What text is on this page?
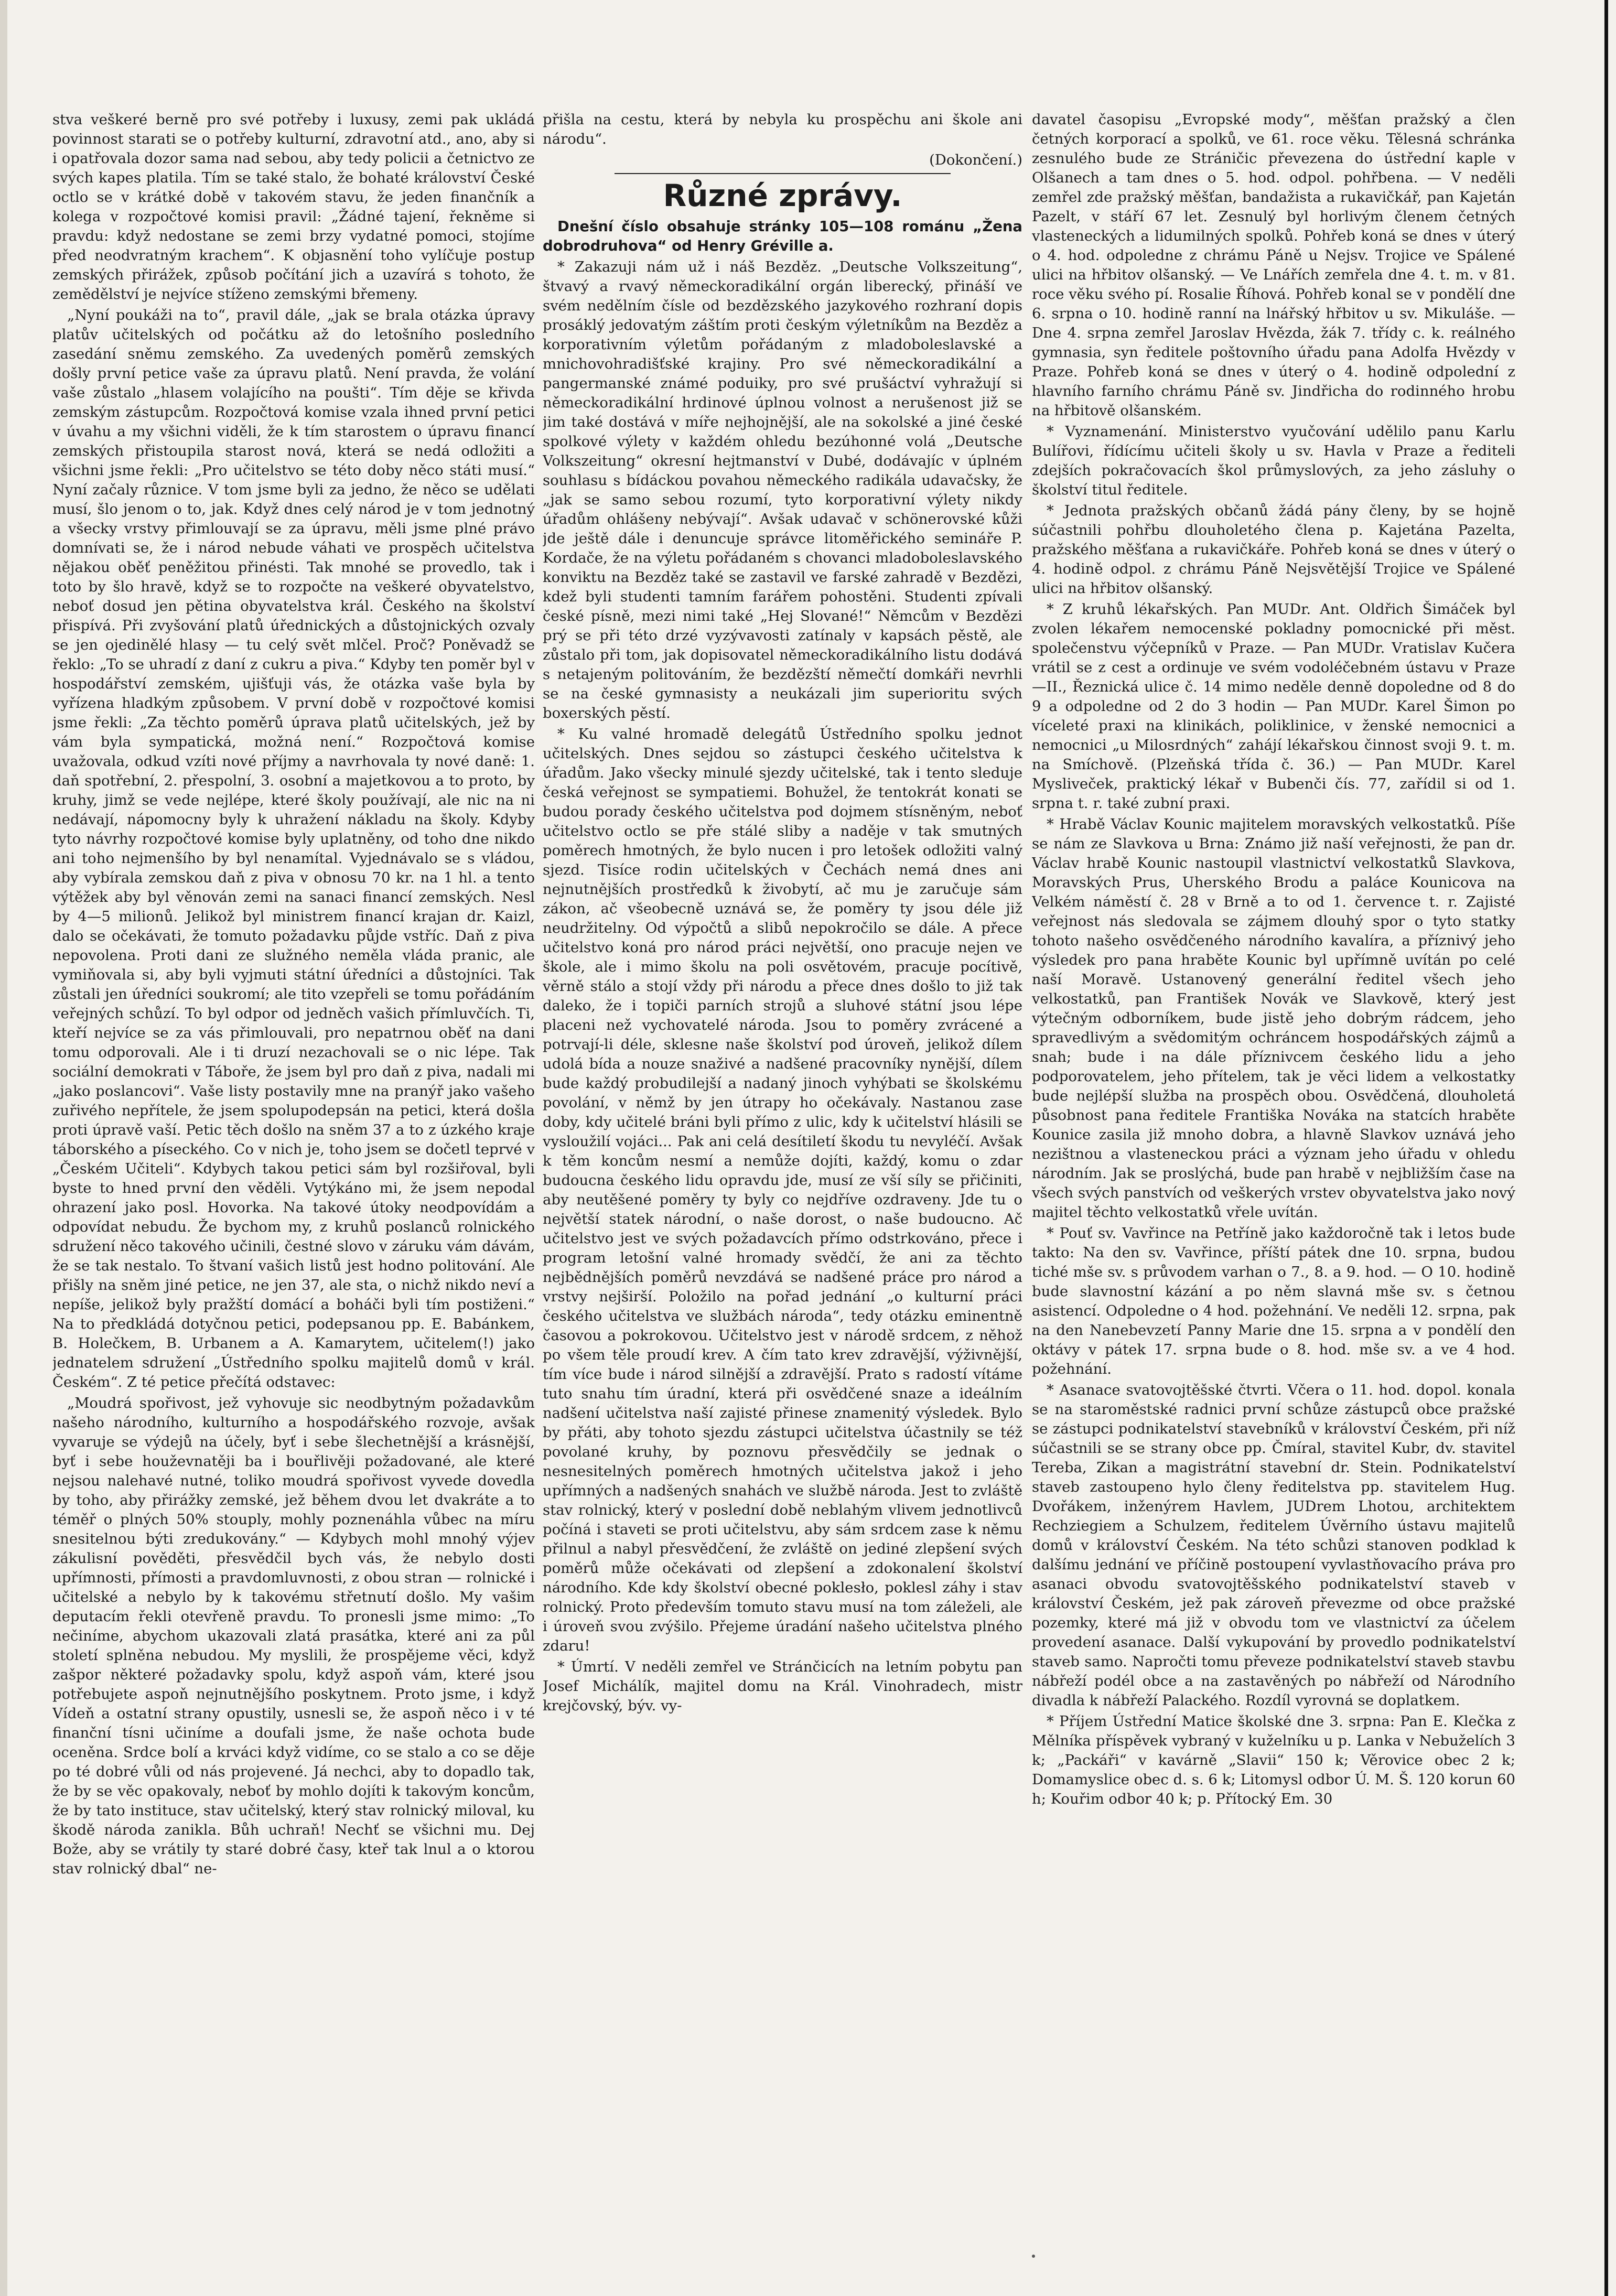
stva veškeré berně pro své potřeby i luxusy, zemi pak ukládá povinnost starati se o potřeby kulturní, zdravotní atd., ano, aby si i opatřovala dozor sama nad sebou, aby tedy policii a četnictvo ze svých kapes platila. Tím se také stalo, že bohaté království České octlo se v krátké době v takovém stavu, že jeden finančník a kolega v rozpočtové komisi pravil: „Žádné tajení, řekněme si pravdu: když nedostane se zemi brzy vydatné pomoci, stojíme před neodvratným krachem“. K objasnění toho vylíčuje postup zemských přirážek, způsob počítání jich a uzavírá s tohoto, že zemědělství je nejvíce stíženo zemskými břemeny.

„Nyní poukáži na to“, pravil dále, „jak se brala otázka úpravy platův učitelských od počátku až do letošního posledního zasedání sněmu zemského. Za uvedených poměrů zemských došly první petice vaše za úpravu platů. Není pravda, že volání vaše zůstalo „hlasem volajícího na poušti“. Tím děje se křivda zemským zástupcům. Rozpočtová komise vzala ihned první petici v úvahu a my všichni viděli, že k tím starostem o úpravu financí zemských přistoupila starost nová, která se nedá odložiti a všichni jsme řekli: „Pro učitelstvo se této doby něco státi musí.“ Nyní začaly různice. V tom jsme byli za jedno, že něco se udělati musí, šlo jenom o to, jak. Když dnes celý národ je v tom jednotný a všecky vrstvy přimlouvají se za úpravu, měli jsme plné právo domnívati se, že i národ nebude váhati ve prospěch učitelstva nějakou oběť peněžitou přinésti. Tak mnohé se provedlo, tak i toto by šlo hravě, když se to rozpočte na veškeré obyvatelstvo, neboť dosud jen pětina obyvatelstva král. Českého na školství přispívá. Při zvyšování platů úřednických a důstojnických ozvaly se jen ojedinělé hlasy — tu celý svět mlčel. Proč? Poněvadž se řeklo: „To se uhradí z daní z cukru a piva.“ Kdyby ten poměr byl v hospodářství zemském, ujišťuji vás, že otázka vaše byla by vyřízena hladkým způsobem. V první době v rozpočtové komisi jsme řekli: „Za těchto poměrů úprava platů učitelských, jež by vám byla sympatická, možná není.“ Rozpočtová komise uvažovala, odkud vzíti nové příjmy a navrhovala ty nové daně: 1. daň spotřební, 2. přespolní, 3. osobní a majetkovou a to proto, by kruhy, jimž se vede nejlépe, které školy používají, ale nic na ni nedávají, nápomocny byly k uhražení nákladu na školy. Kdyby tyto návrhy rozpočtové komise byly uplatněny, od toho dne nikdo ani toho nejmenšího by byl nenamítal. Vyjednávalo se s vládou, aby vybírala zemskou daň z piva v obnosu 70 kr. na 1 hl. a tento výtěžek aby byl věnován zemi na sanaci financí zemských. Nesl by 4—5 milionů. Jelikož byl ministrem financí krajan dr. Kaizl, dalo se očekávati, že tomuto požadavku půjde vstříc. Daň z piva nepovolena. Proti dani ze služného neměla vláda pranic, ale vymiňovala si, aby byli vyjmuti státní úředníci a důstojníci. Tak zůstali jen úředníci soukromí; ale tito vzepřeli se tomu pořádáním veřejných schůzí. To byl odpor od jedněch vašich přímluvčích. Ti, kteří nejvíce se za vás přimlouvali, pro nepatrnou oběť na dani tomu odporovali. Ale i ti druzí nezachovali se o nic lépe. Tak sociální demokrati v Táboře, že jsem byl pro daň z piva, nadali mi „jako poslancovi“. Vaše listy postavily mne na pranýř jako vašeho zuřivého nepřítele, že jsem spolupodepsán na petici, která došla proti úpravě vaší. Petic těch došlo na sněm 37 a to z úzkého kraje táborského a píseckého. Co v nich je, toho jsem se dočetl teprvé v „Českém Učiteli“. Kdybych takou petici sám byl rozšiřoval, byli byste to hned první den věděli. Vytýkáno mi, že jsem nepodal ohrazení jako posl. Hovorka. Na takové útoky neodpovídám a odpovídat nebudu. Že bychom my, z kruhů poslanců rolnického sdružení něco takového učinili, čestné slovo v záruku vám dávám, že se tak nestalo. To štvaní vašich listů jest hodno politování. Ale přišly na sněm jiné petice, ne jen 37, ale sta, o nichž nikdo neví a nepíše, jelikož byly pražští domácí a boháči byli tím postiženi.“ Na to předkládá dotyčnou petici, podepsanou pp. E. Babánkem, B. Holečkem, B. Urbanem a A. Kamarytem, učitelem(!) jako jednatelem sdružení „Ústředního spolku majitelů domů v král. Českém“. Z té petice přečítá odstavec:

„Moudrá spořivost, jež vyhovuje sic neodbytným požadavkům našeho národního, kulturního a hospodářského rozvoje, avšak vyvaruje se výdejů na účely, byť i sebe šlechetnější a krásnější, byť i sebe houževnatěji ba i bouřlivěji požadované, ale které nejsou nalehavé nutné, toliko moudrá spořivost vyvede dovedla by toho, aby přirážky zemské, jež během dvou let dvakráte a to téměř o plných 50% stouply, mohly poznenáhla vůbec na míru snesitelnou býti zredukovány.“ — Kdybych mohl mnohý výjev zákulisní pověděti, přesvědčil bych vás, že nebylo dosti upřímnosti, přímosti a pravdomluvnosti, z obou stran — rolnické i učitelské a nebylo by k takovému střetnutí došlo. My vašim deputacím řekli otevřeně pravdu. To pronesli jsme mimo: „To nečiníme, abychom ukazovali zlatá prasátka, které ani za půl století splněna nebudou. My myslili, že prospějeme věci, když zašpor některé požadavky spolu, když aspoň vám, které jsou potřebujete aspoň nejnutnějšího poskytnem. Proto jsme, i když Vídeň a ostatní strany opustily, usnesli se, že aspoň něco i v té finanční tísni učiníme a doufali jsme, že naše ochota bude oceněna. Srdce bolí a krváci když vidíme, co se stalo a co se děje po té dobré vůli od nás projevené. Já nechci, aby to dopadlo tak, že by se věc opakovaly, neboť by mohlo dojíti k takovým koncům, že by tato instituce, stav učitelský, který stav rolnický miloval, ku škodě národa zanikla. Bůh uchraň! Nechť se všichni mu. Dej Bože, aby se vrátily ty staré dobré časy, kteř tak lnul a o ktorou stav rolnický dbal“ ne-

přišla na cestu, která by nebyla ku prospěchu ani škole ani národu“.

(Dokončení.)

Různé zprávy.

Dnešní číslo obsahuje stránky 105—108 románu „Žena dobrodruhova“ od Henry Gréville a.

* Zakazuji nám už i náš Bezděz. „Deutsche Volkszeitung“, štvavý a rvavý německoradikální orgán liberecký, přináší ve svém nedělním čísle od bezdězského jazykového rozhraní dopis prosáklý jedovatým záštím proti českým výletníkům na Bezděz a korporativním výletům pořádaným z mladoboleslavské a mnichovohradišťské krajiny. Pro své německoradikální a pangermanské známé poduiky, pro své prušáctví vyhražují si německoradikální hrdinové úplnou volnost a nerušenost již se jim také dostává v míře nejhojnější, ale na sokolské a jiné české spolkové výlety v každém ohledu bezúhonné volá „Deutsche Volkszeitung“ okresní hejtmanství v Dubé, dodávajíc v úplném souhlasu s bídáckou povahou německého radikála udavačsky, že „jak se samo sebou rozumí, tyto korporativní výlety nikdy úřadům ohlášeny nebývají“. Avšak udavač v schönerovské kůži jde ještě dále i denuncuje správce litoměřického semináře P. Kordače, že na výletu pořádaném s chovanci mladoboleslavského konviktu na Bezděz také se zastavil ve farské zahradě v Bezdězi, kdež byli studenti tamním farářem pohostěni. Studenti zpívali české písně, mezi nimi také „Hej Slované!“ Němcům v Bezdězi prý se při této drzé vyzývavosti zatínaly v kapsách pěstě, ale zůstalo při tom, jak dopisovatel německoradikálního listu dodává s netajeným politováním, že bezdězští němečtí domkáři nevrhli se na české gymnasisty a neukázali jim superioritu svých boxerských pěstí.

* Ku valné hromadě delegátů Ústředního spolku jednot učitelských. Dnes sejdou so zástupci českého učitelstva k úřadům. Jako všecky minulé sjezdy učitelské, tak i tento sleduje česká veřejnost se sympatiemi. Bohužel, že tentokrát konati se budou porady českého učitelstva pod dojmem stísněným, neboť učitelstvo octlo se pře stálé sliby a naděje v tak smutných poměrech hmotných, že bylo nucen i pro letošek odložiti valný sjezd. Tisíce rodin učitelských v Čechách nemá dnes ani nejnutnějších prostředků k živobytí, ač mu je zaručuje sám zákon, ač všeobecně uznává se, že poměry ty jsou déle již neudržitelny. Od výpočtů a slibů nepokročilo se dále. A přece učitelstvo koná pro národ práci největší, ono pracuje nejen ve škole, ale i mimo školu na poli osvětovém, pracuje pocítivě, věrně stálo a stojí vždy při národu a přece dnes došlo to již tak daleko, že i topiči parních strojů a sluhové státní jsou lépe placeni než vychovatelé národa. Jsou to poměry zvrácené a potrvají-li déle, sklesne naše školství pod úroveň, jelikož dílem udolá bída a nouze snaživé a nadšené pracovníky nynější, dílem bude každý probudilejší a nadaný jinoch vyhýbati se školskému povolání, v němž by jen útrapy ho očekávaly. Nastanou zase doby, kdy učitelé bráni byli přímo z ulic, kdy k učitelství hlásili se vysloužilí vojáci... Pak ani celá desítiletí škodu tu nevyléčí. Avšak k těm koncům nesmí a nemůže dojíti, každý, komu o zdar budoucna českého lidu opravdu jde, musí ze vší síly se přičiniti, aby neutěšené poměry ty byly co nejdříve ozdraveny. Jde tu o největší statek národní, o naše dorost, o naše budoucno. Ač učitelstvo jest ve svých požadavcích přímo odstrkováno, přece i program letošní valné hromady svědčí, že ani za těchto nejbědnějších poměrů nevzdává se nadšené práce pro národ a vrstvy nejširší. Položilo na pořad jednání „o kulturní práci českého učitelstva ve službách národa“, tedy otázku eminentně časovou a pokrokovou. Učitelstvo jest v národě srdcem, z něhož po všem těle proudí krev. A čím tato krev zdravější, výživnější, tím více bude i národ silnější a zdravější. Prato s radostí vítáme tuto snahu tím úradní, která při osvědčené snaze a ideálním nadšení učitelstva naší zajisté přinese znamenitý výsledek. Bylo by přáti, aby tohoto sjezdu zástupci učitelstva účastnily se též povolané kruhy, by poznovu přesvědčily se jednak o nesnesitelných poměrech hmotných učitelstva jakož i jeho upřímných a nadšených snahách ve službě národa. Jest to zvláště stav rolnický, který v poslední době neblahým vlivem jednotlivců počíná i staveti se proti učitelstvu, aby sám srdcem zase k němu přilnul a nabyl přesvědčení, že zvláště on jediné zlepšení svých poměrů může očekávati od zlepšení a zdokonalení školství národního. Kde kdy školství obecné poklesło, poklesl záhy i stav rolnický. Proto především tomuto stavu musí na tom záleželi, ale i úroveň svou zvýšilo. Přejeme úradání našeho učitelstva plného zdaru!

* Úmrtí. V neděli zemřel ve Stránčicích na letním pobytu pan Josef Michálík, majitel domu na Král. Vinohradech, mistr krejčovský, býv. vy-

davatel časopisu „Evropské mody“, měšťan pražský a člen četných korporací a spolků, ve 61. roce věku. Tělesná schránka zesnulého bude ze Stráničic převezena do ústřední kaple v Olšanech a tam dnes o 5. hod. odpol. pohřbena. — V neděli zemřel zde pražský měšťan, bandažista a rukavičkář, pan Kajetán Pazelt, v stáří 67 let. Zesnulý byl horlivým členem četných vlasteneckých a lidumilných spolků. Pohřeb koná se dnes v úterý o 4. hod. odpoledne z chrámu Páně u Nejsv. Trojice ve Spálené ulici na hřbitov olšanský. — Ve Lnářích zemřela dne 4. t. m. v 81. roce věku svého pí. Rosalie Říhová. Pohřeb konal se v pondělí dne 6. srpna o 10. hodině ranní na lnářský hřbitov u sv. Mikuláše. — Dne 4. srpna zemřel Jaroslav Hvězda, žák 7. třídy c. k. reálného gymnasia, syn ředitele poštovního úřadu pana Adolfa Hvězdy v Praze. Pohřeb koná se dnes v úterý o 4. hodině odpolední z hlavního farního chrámu Páně sv. Jindřicha do rodinného hrobu na hřbitově olšanském.

* Vyznamenání. Ministerstvo vyučování udělilo panu Karlu Bulířovi, řídícímu učiteli školy u sv. Havla v Praze a řediteli zdejších pokračovacích škol průmyslových, za jeho zásluhy o školství titul ředitele.

* Jednota pražských občanů žádá pány členy, by se hojně súčastnili pohřbu dlouholetého člena p. Kajetána Pazelta, pražského měšťana a rukavičkáře. Pohřeb koná se dnes v úterý o 4. hodině odpol. z chrámu Páně Nejsvětější Trojice ve Spálené ulici na hřbitov olšanský.

* Z kruhů lékařských. Pan MUDr. Ant. Oldřich Šimáček byl zvolen lékařem nemocenské pokladny pomocnické při měst. společenstvu výčepníků v Praze. — Pan MUDr. Vratislav Kučera vrátil se z cest a ordinuje ve svém vodoléčebném ústavu v Praze—II., Řeznická ulice č. 14 mimo neděle denně dopoledne od 8 do 9 a odpoledne od 2 do 3 hodin — Pan MUDr. Karel Šimon po víceleté praxi na klinikách, poliklinice, v ženské nemocnici a nemocnici „u Milosrdných“ zahájí lékařskou činnost svoji 9. t. m. na Smíchově. (Plzeňská třída č. 36.) — Pan MUDr. Karel Mysliveček, praktický lékař v Bubenči čís. 77, zařídil si od 1. srpna t. r. také zubní praxi.

* Hrabě Václav Kounic majitelem moravských velkostatků. Píše se nám ze Slavkova u Brna: Známo již naší veřejnosti, že pan dr. Václav hrabě Kounic nastoupil vlastnictví velkostatků Slavkova, Moravských Prus, Uherského Brodu a paláce Kounicova na Velkém náměstí č. 28 v Brně a to od 1. července t. r. Zajisté veřejnost nás sledovala se zájmem dlouhý spor o tyto statky tohoto našeho osvědčeného národního kavalíra, a příznivý jeho výsledek pro pana hraběte Kounic byl upřímně uvítán po celé naší Moravě. Ustanovený generální ředitel všech jeho velkostatků, pan František Novák ve Slavkově, který jest výtečným odborníkem, bude jistě jeho dobrým rádcem, jeho spravedlivým a svědomitým ochráncem hospodářských zájmů a snah; bude i na dále příznivcem českého lidu a jeho podporovatelem, jeho přítelem, tak je věci lidem a velkostatky bude nejlépší služba na prospěch obou. Osvědčená, dlouholetá působnost pana ředitele Františka Nováka na statcích hraběte Kounice zasila již mnoho dobra, a hlavně Slavkov uznává jeho nezištnou a vlasteneckou práci a význam jeho úřadu v ohledu národním. Jak se proslýchá, bude pan hrabě v nejbližším čase na všech svých panstvích od veškerých vrstev obyvatelstva jako nový majitel těchto velkostatků vřele uvítán.

* Pouť sv. Vavřince na Petříně jako každoročně tak i letos bude takto: Na den sv. Vavřince, příští pátek dne 10. srpna, budou tiché mše sv. s průvodem varhan o 7., 8. a 9. hod. — O 10. hodině bude slavnostní kázání a po něm slavná mše sv. s četnou asistencí. Odpoledne o 4 hod. požehnání. Ve neděli 12. srpna, pak na den Nanebevzetí Panny Marie dne 15. srpna a v pondělí den oktávy v pátek 17. srpna bude o 8. hod. mše sv. a ve 4 hod. požehnání.

* Asanace svatovojtěšské čtvrti. Včera o 11. hod. dopol. konala se na staroměstské radnici první schůze zástupců obce pražské se zástupci podnikatelství stavebníků v království Českém, při níž súčastnili se se strany obce pp. Čmíral, stavitel Kubr, dv. stavitel Tereba, Zikan a magistrátní stavební dr. Stein. Podnikatelství staveb zastoupeno hylo členy ředitelstva pp. stavitelem Hug. Dvořákem, inženýrem Havlem, JUDrem Lhotou, architektem Rechziegiem a Schulzem, ředitelem Úvěrního ústavu majitelů domů v království Českém. Na této schůzi stanoven podklad k dalšímu jednání ve příčině postoupení vyvlastňovacího práva pro asanaci obvodu svatovojtěšského podnikatelství staveb v království Českém, jež pak zároveň převezme od obce pražské pozemky, které má již v obvodu tom ve vlastnictví za účelem provedení asanace. Další vykupování by provedlo podnikatelství staveb samo. Napročti tomu převeze podnikatelství staveb stavbu nábřeží podél obce a na zastavěných po nábřeží od Národního divadla k nábřeží Palackého. Rozdíl vyrovná se doplatkem.

* Příjem Ústřední Matice školské dne 3. srpna: Pan E. Klečka z Mělníka příspěvek vybraný v kuželníku u p. Lanka v Nebuželích 3 k; „Packáři“ v kavárně „Slavii“ 150 k; Věrovice obec 2 k; Domamyslice obec d. s. 6 k; Litomysl odbor Ú. M. Š. 120 korun 60 h; Kouřim odbor 40 k; p. Přítocký Em. 30
